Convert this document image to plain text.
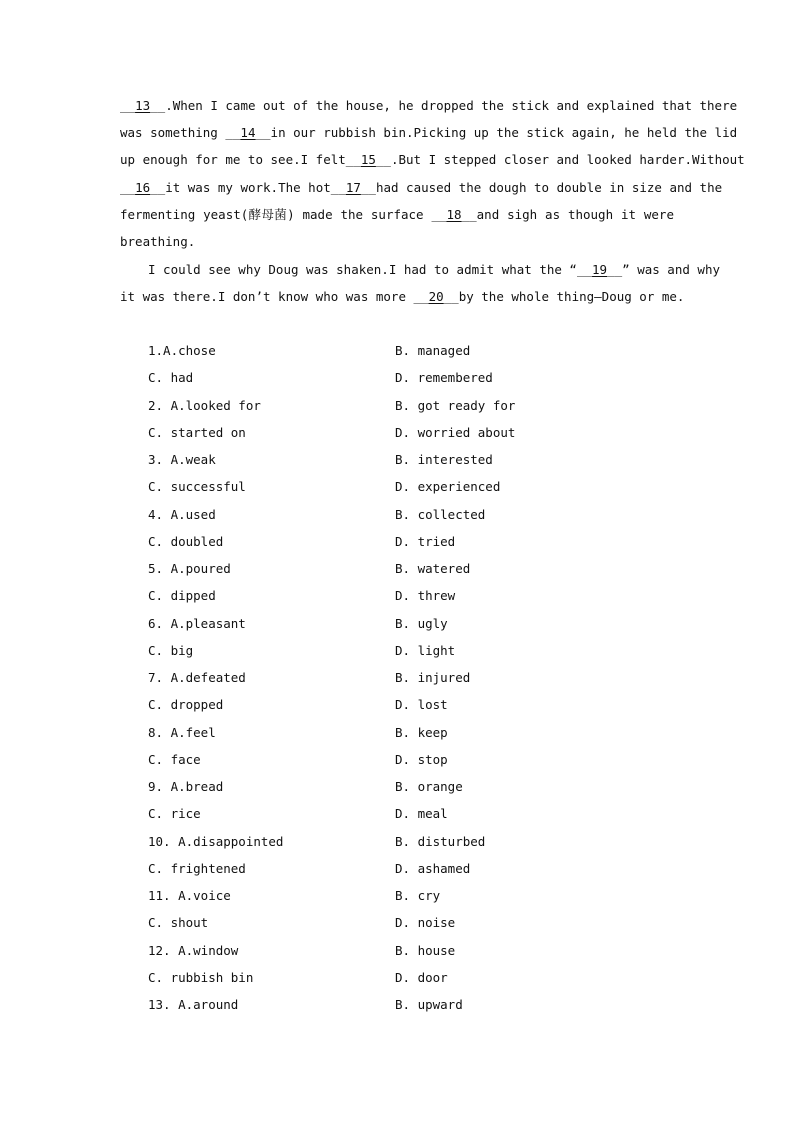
__13__.When I came out of the house, he dropped the stick and explained that there
was something __14__in our rubbish bin.Picking up the stick again, he held the lid
up enough for me to see.I felt__15__.But I stepped closer and looked harder.Without
__16__it was my work.The hot__17__had caused the dough to double in size and the
fermenting yeast(酵母菌) made the surface __18__and sigh as though it were
breathing.
I could see why Doug was shaken.I had to admit what the “__19__” was and why
it was there.I don’t know who was more __20__by the whole thing—Doug or me.
1.A.chose	B. managed
C. had	D. remembered
2. A.looked for	B. got ready for
C. started on	D. worried about
3. A.weak	B. interested
C. successful	D. experienced
4. A.used	B. collected
C. doubled	D. tried
5. A.poured	B. watered
C. dipped	D. threw
6. A.pleasant	B. ugly
C. big	D. light
7. A.defeated	B. injured
C. dropped	D. lost
8. A.feel	B. keep
C. face	D. stop
9. A.bread	B. orange
C. rice	D. meal
10. A.disappointed	B. disturbed
C. frightened	D. ashamed
11. A.voice	B. cry
C. shout	D. noise
12. A.window	B. house
C. rubbish bin	D. door
13. A.around	B. upward
